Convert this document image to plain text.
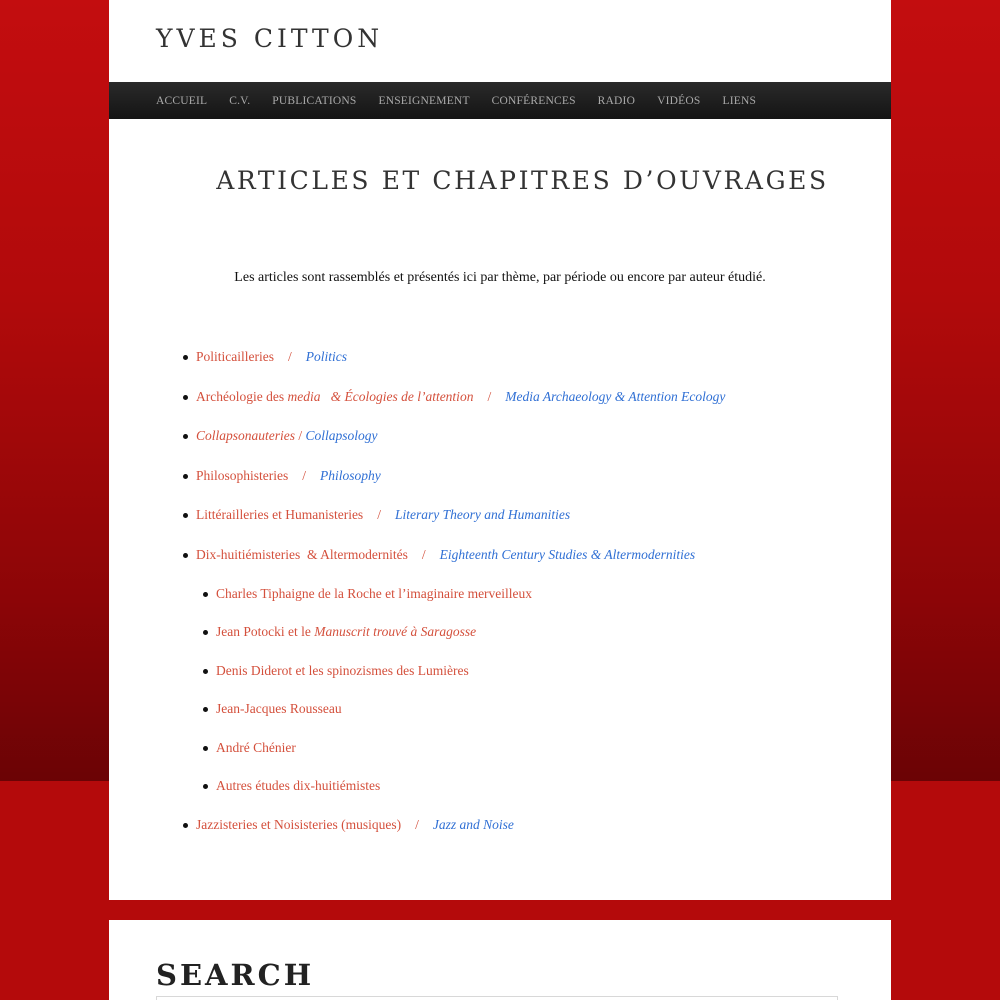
YVES CITTON
ACCUEIL C.V. PUBLICATIONS ENSEIGNEMENT CONFÉRENCES RADIO VIDÉOS LIENS
ARTICLES ET CHAPITRES D’OUVRAGES

Les articles sont rassemblés et présentés ici par thème, par période ou encore par auteur étudié.

Politicailleries / Politics
Archéologie des media & Écologies de l’attention / Media Archaeology & Attention Ecology
Collapsonauteries / Collapsology
Philosophisteries / Philosophy
Littérailleries et Humanisteries / Literary Theory and Humanities
Dix-huitiémisteries  & Altermodernités / Eighteenth Century Studies & Altermodernities
Charles Tiphaigne de la Roche et l’imaginaire merveilleux
Jean Potocki et le Manuscrit trouvé à Saragosse
Denis Diderot et les spinozismes des Lumières
Jean-Jacques Rousseau
André Chénier
Autres études dix-huitiémistes
Jazzisteries et Noisisteries (musiques) / Jazz and Noise
SEARCH
